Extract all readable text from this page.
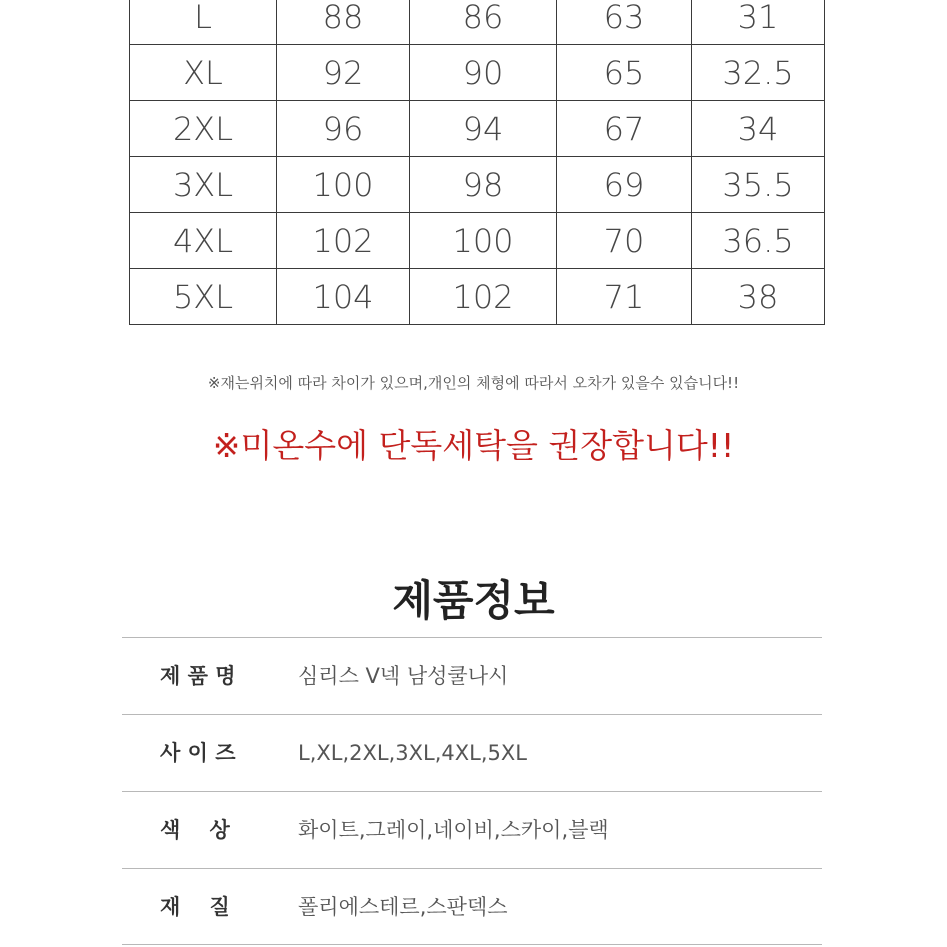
L	88	86	63	31
XL	92	90	65	32.5
2XL	96	94	67	34
3XL	100	98	69	35.5
4XL	102	100	70	36.5
5XL	104	102	71	38
※재는위치에 따라 차이가 있으며,개인의 체형에 따라서 오차가 있을수 있습니다!!
※미온수에 단독세탁을 권장합니다!!
제품정보
제 품 명	심리스 V넥 남성쿨나시
사 이 즈	L,XL,2XL,3XL,4XL,5XL
색    상	화이트,그레이,네이비,스카이,블랙
재    질	폴리에스테르,스판덱스
